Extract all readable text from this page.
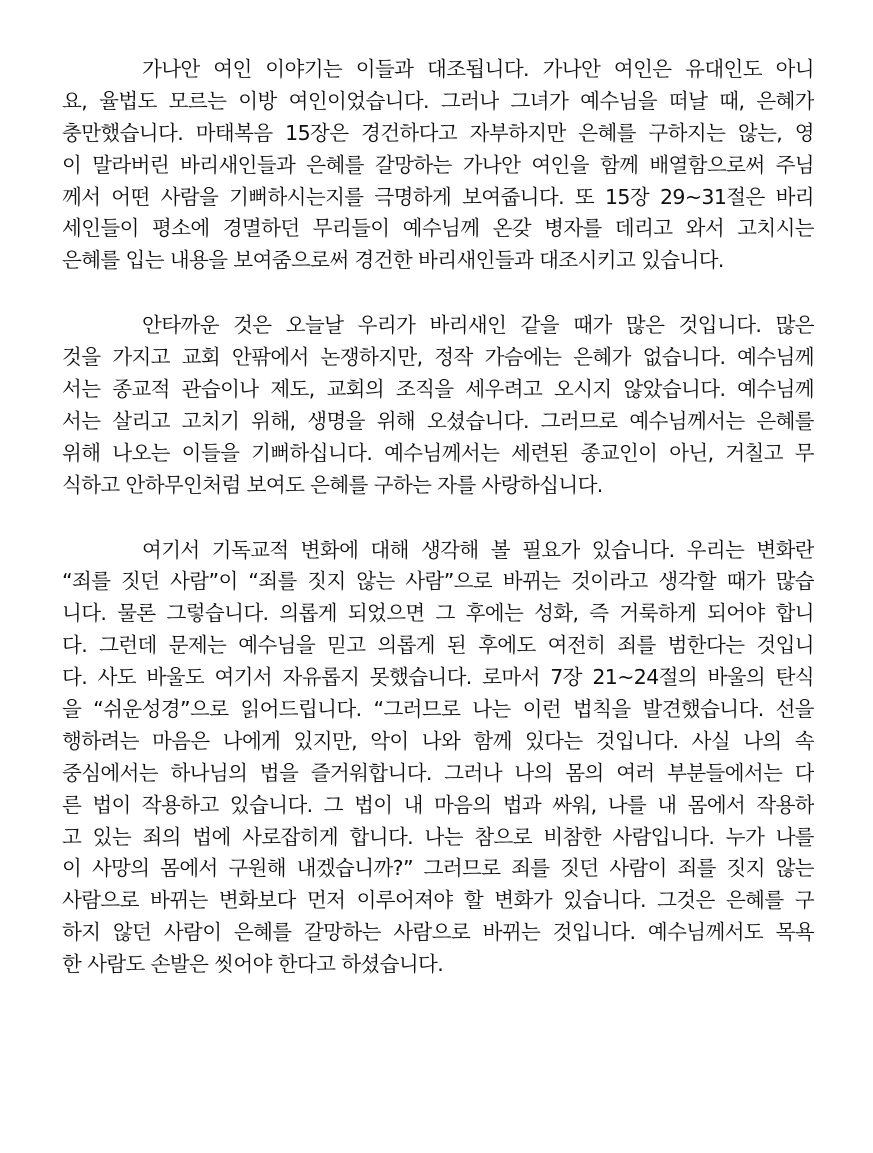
가나안 여인 이야기는 이들과 대조됩니다. 가나안 여인은 유대인도 아니
요, 율법도 모르는 이방 여인이었습니다. 그러나 그녀가 예수님을 떠날 때, 은혜가
충만했습니다. 마태복음 15장은 경건하다고 자부하지만 은혜를 구하지는 않는, 영
이 말라버린 바리새인들과 은혜를 갈망하는 가나안 여인을 함께 배열함으로써 주님
께서 어떤 사람을 기뻐하시는지를 극명하게 보여줍니다. 또 15장 29~31절은 바리
세인들이 평소에 경멸하던 무리들이 예수님께 온갖 병자를 데리고 와서 고치시는
은혜를 입는 내용을 보여줌으로써 경건한 바리새인들과 대조시키고 있습니다.
안타까운 것은 오늘날 우리가 바리새인 같을 때가 많은 것입니다. 많은
것을 가지고 교회 안팎에서 논쟁하지만, 정작 가슴에는 은혜가 없습니다. 예수님께
서는 종교적 관습이나 제도, 교회의 조직을 세우려고 오시지 않았습니다. 예수님께
서는 살리고 고치기 위해, 생명을 위해 오셨습니다. 그러므로 예수님께서는 은혜를
위해 나오는 이들을 기뻐하십니다. 예수님께서는 세련된 종교인이 아닌, 거칠고 무
식하고 안하무인처럼 보여도 은혜를 구하는 자를 사랑하십니다.
여기서 기독교적 변화에 대해 생각해 볼 필요가 있습니다. 우리는 변화란
“죄를 짓던 사람”이 “죄를 짓지 않는 사람”으로 바뀌는 것이라고 생각할 때가 많습
니다. 물론 그렇습니다. 의롭게 되었으면 그 후에는 성화, 즉 거룩하게 되어야 합니
다. 그런데 문제는 예수님을 믿고 의롭게 된 후에도 여전히 죄를 범한다는 것입니
다. 사도 바울도 여기서 자유롭지 못했습니다. 로마서 7장 21~24절의 바울의 탄식
을 “쉬운성경”으로 읽어드립니다. “그러므로 나는 이런 법칙을 발견했습니다. 선을
행하려는 마음은 나에게 있지만, 악이 나와 함께 있다는 것입니다. 사실 나의 속
중심에서는 하나님의 법을 즐거워합니다. 그러나 나의 몸의 여러 부분들에서는 다
른 법이 작용하고 있습니다. 그 법이 내 마음의 법과 싸워, 나를 내 몸에서 작용하
고 있는 죄의 법에 사로잡히게 합니다. 나는 참으로 비참한 사람입니다. 누가 나를
이 사망의 몸에서 구원해 내겠습니까?” 그러므로 죄를 짓던 사람이 죄를 짓지 않는
사람으로 바뀌는 변화보다 먼저 이루어져야 할 변화가 있습니다. 그것은 은혜를 구
하지 않던 사람이 은혜를 갈망하는 사람으로 바뀌는 것입니다. 예수님께서도 목욕
한 사람도 손발은 씻어야 한다고 하셨습니다.
